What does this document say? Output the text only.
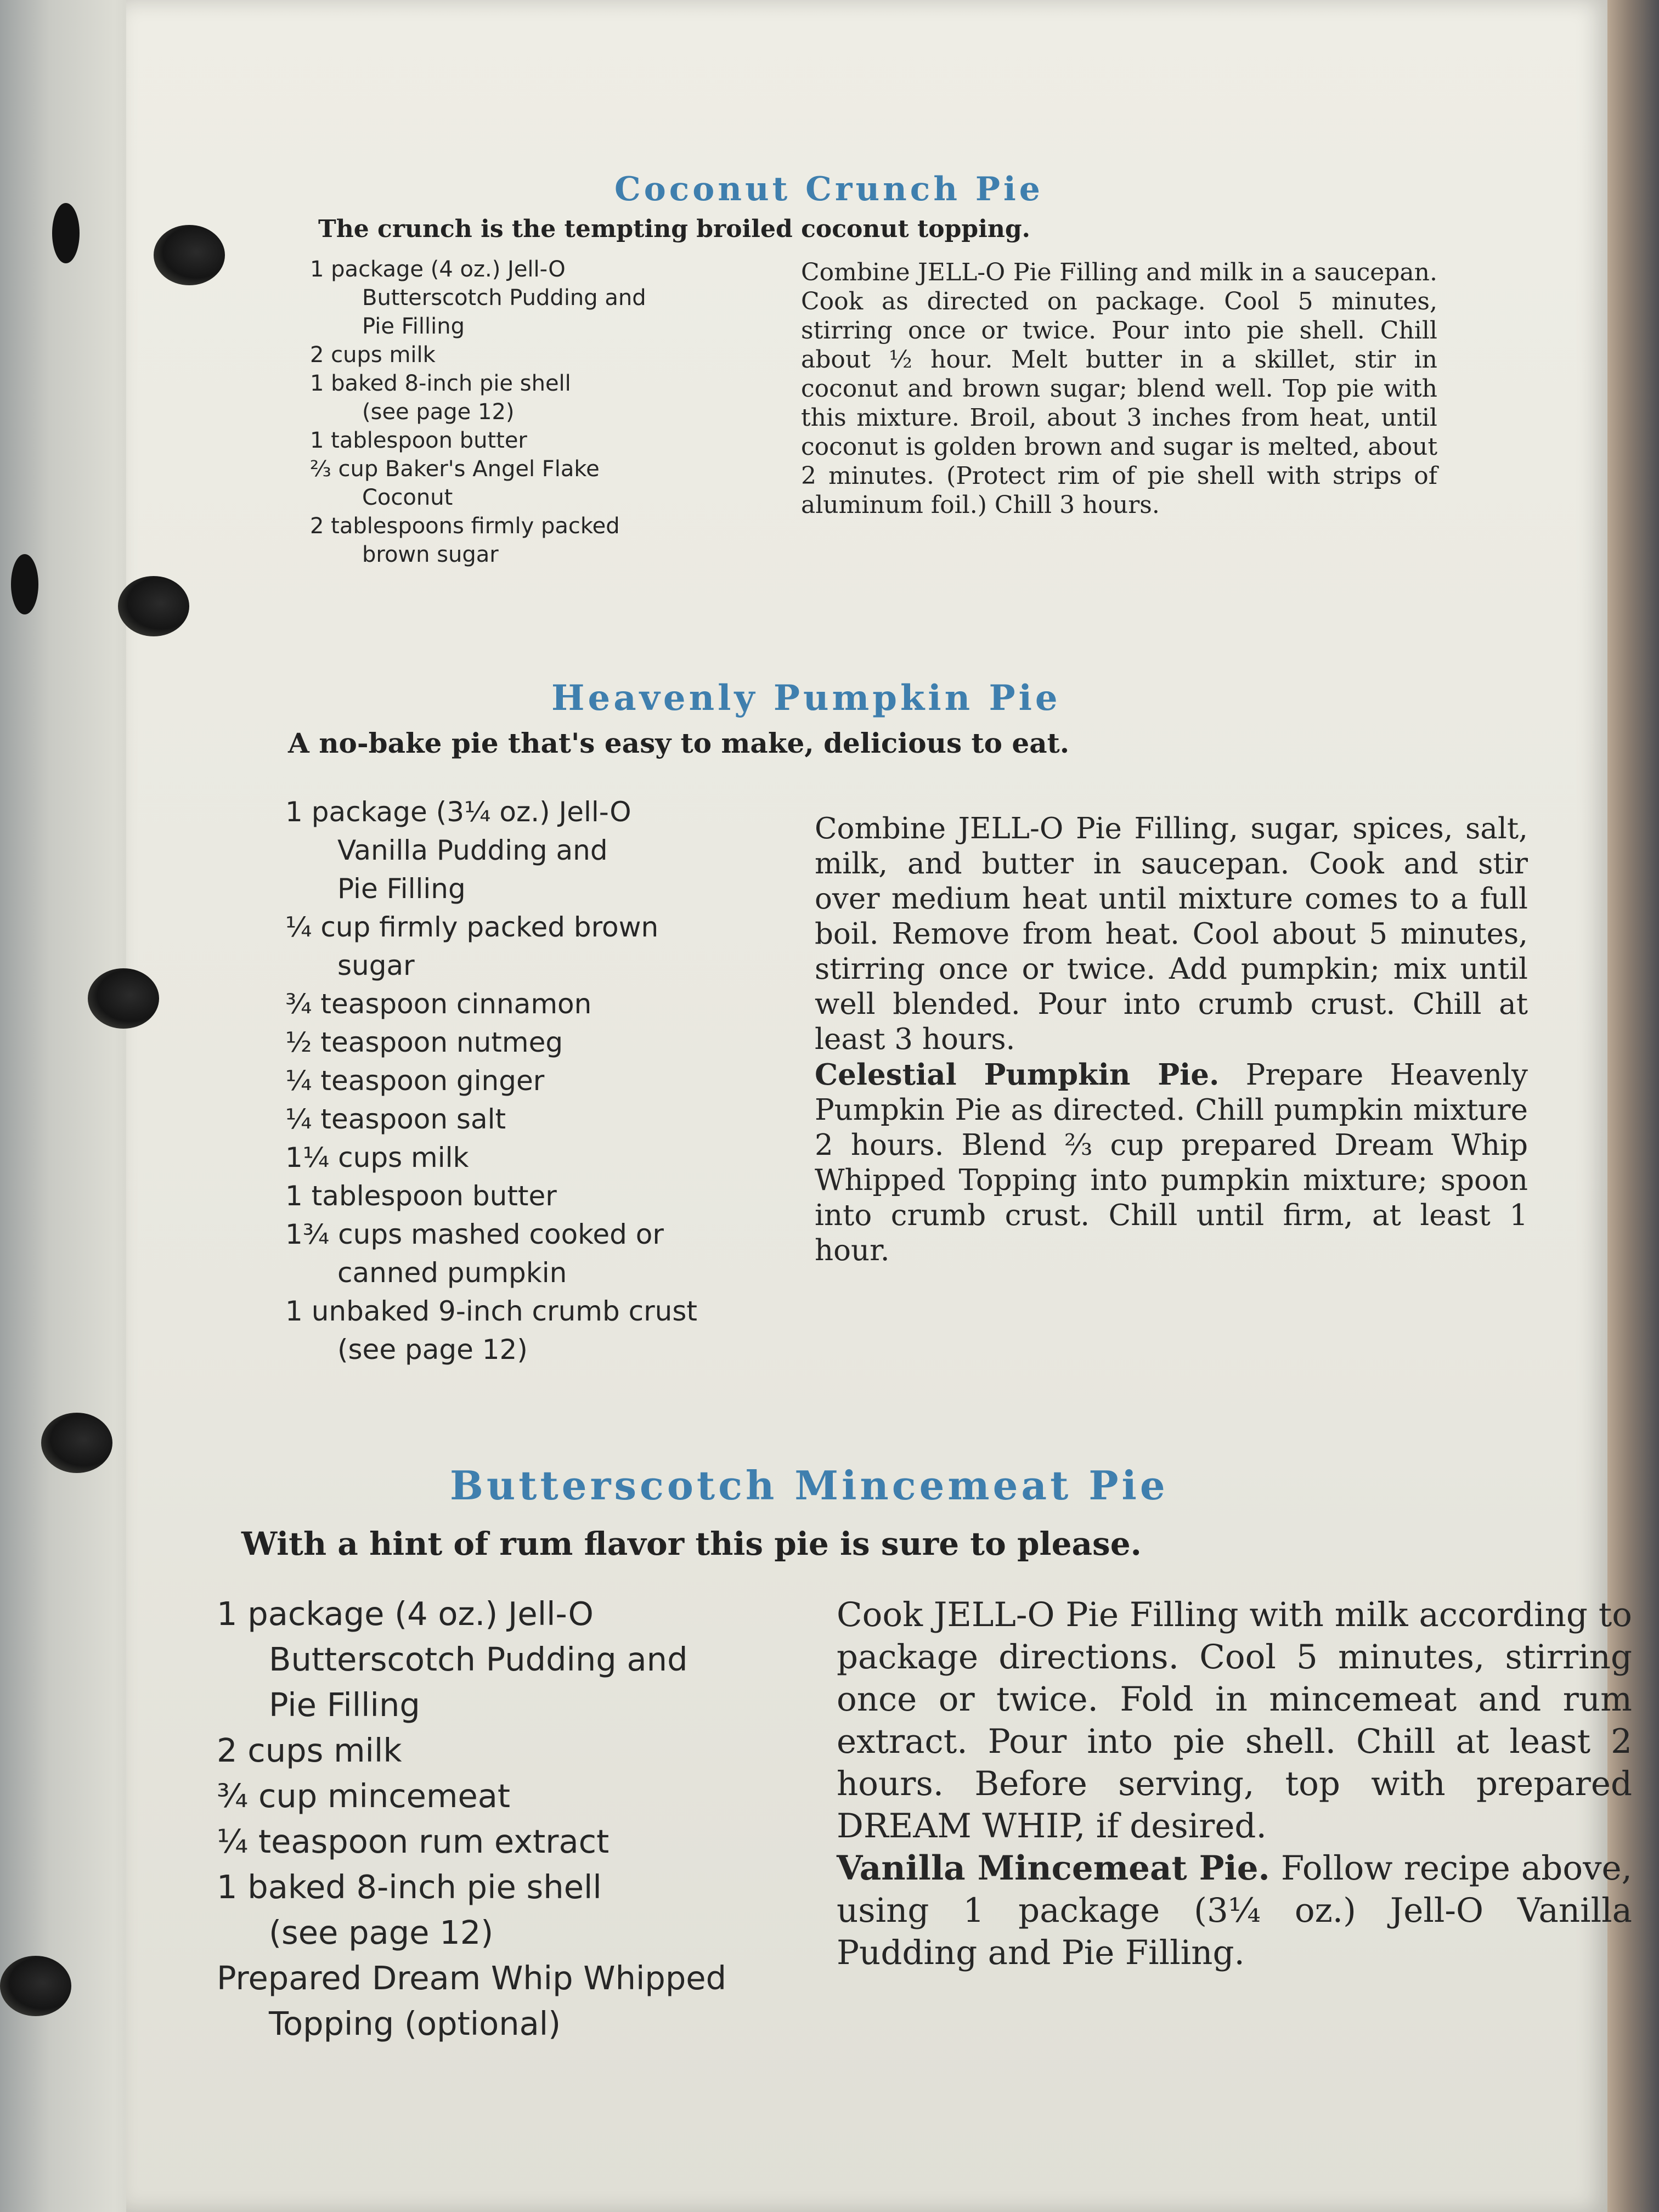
Coconut Crunch Pie
The crunch is the tempting broiled coconut topping.
1 package (4 oz.) Jell-O
Butterscotch Pudding and
Pie Filling
2 cups milk
1 baked 8-inch pie shell
(see page 12)
1 tablespoon butter
⅔ cup Baker's Angel Flake
Coconut
2 tablespoons firmly packed
brown sugar

Combine JELL-O Pie Filling and milk in a saucepan. Cook as directed on package. Cool 5 minutes, stirring once or twice. Pour into pie shell. Chill about ½ hour. Melt butter in a skillet, stir in coconut and brown sugar; blend well. Top pie with this mixture. Broil, about 3 inches from heat, until coconut is golden brown and sugar is melted, about 2 minutes. (Protect rim of pie shell with strips of aluminum foil.) Chill 3 hours.

Heavenly Pumpkin Pie
A no-bake pie that's easy to make, delicious to eat.
1 package (3¼ oz.) Jell-O
Vanilla Pudding and
Pie Filling
¼ cup firmly packed brown
sugar
¾ teaspoon cinnamon
½ teaspoon nutmeg
¼ teaspoon ginger
¼ teaspoon salt
1¼ cups milk
1 tablespoon butter
1¾ cups mashed cooked or
canned pumpkin
1 unbaked 9-inch crumb crust
(see page 12)

Combine JELL-O Pie Filling, sugar, spices, salt, milk, and butter in saucepan. Cook and stir over medium heat until mixture comes to a full boil. Remove from heat. Cool about 5 minutes, stirring once or twice. Add pumpkin; mix until well blended. Pour into crumb crust. Chill at least 3 hours.

Celestial Pumpkin Pie. Prepare Heavenly Pumpkin Pie as directed. Chill pumpkin mixture 2 hours. Blend ⅔ cup prepared Dream Whip Whipped Topping into pumpkin mixture; spoon into crumb crust. Chill until firm, at least 1 hour.

Butterscotch Mincemeat Pie
With a hint of rum flavor this pie is sure to please.
1 package (4 oz.) Jell-O
Butterscotch Pudding and
Pie Filling
2 cups milk
¾ cup mincemeat
¼ teaspoon rum extract
1 baked 8-inch pie shell
(see page 12)
Prepared Dream Whip Whipped
Topping (optional)

Cook JELL-O Pie Filling with milk according to package directions. Cool 5 minutes, stirring once or twice. Fold in mincemeat and rum extract. Pour into pie shell. Chill at least 2 hours. Before serving, top with prepared DREAM WHIP, if desired.

Vanilla Mincemeat Pie. Follow recipe above, using 1 package (3¼ oz.) Jell-O Vanilla Pudding and Pie Filling.
